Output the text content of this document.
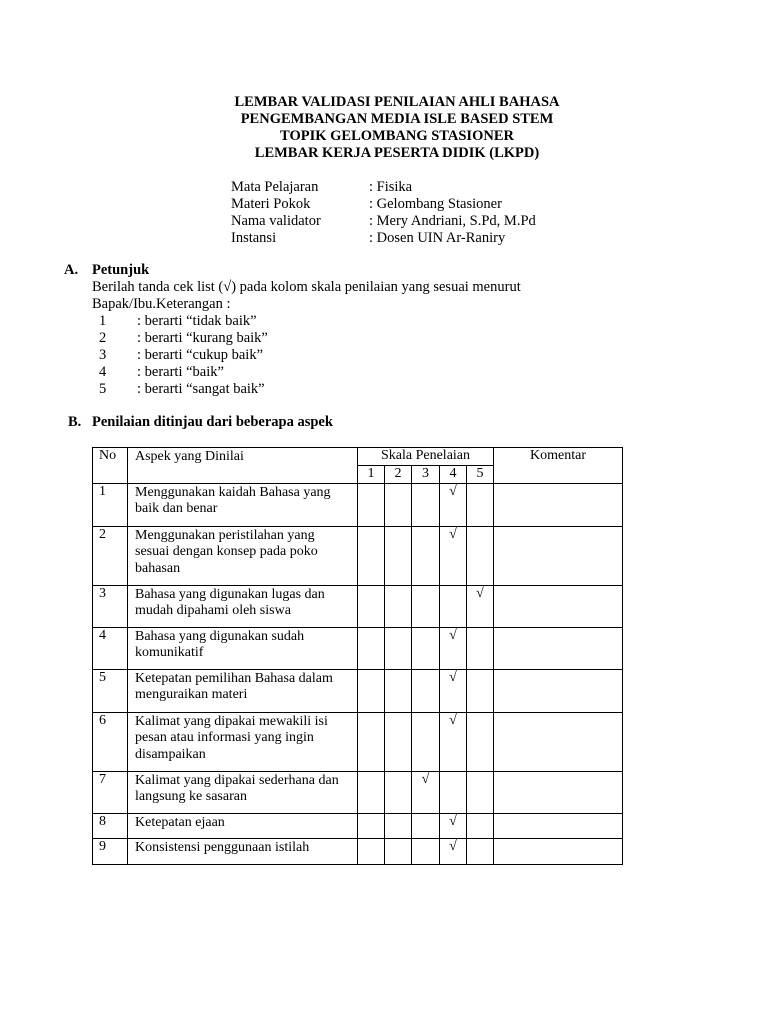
LEMBAR VALIDASI PENILAIAN AHLI BAHASA
PENGEMBANGAN MEDIA ISLE BASED STEM
TOPIK GELOMBANG STASIONER
LEMBAR KERJA PESERTA DIDIK (LKPD)
Mata Pelajaran	: Fisika
Materi Pokok	: Gelombang Stasioner
Nama validator	: Mery Andriani, S.Pd, M.Pd
Instansi	: Dosen UIN Ar-Raniry
A. Petunjuk
Berilah tanda cek list (√) pada kolom skala penilaian yang sesuai menurut
Bapak/Ibu.Keterangan :
1	: berarti “tidak baik”
2	: berarti “kurang baik”
3	: berarti “cukup baik”
4	: berarti “baik”
5	: berarti “sangat baik”
B. Penilaian ditinjau dari beberapa aspek
No	Aspek yang Dinilai	Skala Penelaian					Komentar
		1	2	3	4	5	
1	Menggunakan kaidah Bahasa yang baik dan benar				√		
2	Menggunakan peristilahan yang sesuai dengan konsep pada poko bahasan				√		
3	Bahasa yang digunakan lugas dan mudah dipahami oleh siswa					√	
4	Bahasa yang digunakan sudah komunikatif				√		
5	Ketepatan pemilihan Bahasa dalam menguraikan materi				√		
6	Kalimat yang dipakai mewakili isi pesan atau informasi yang ingin disampaikan				√		
7	Kalimat yang dipakai sederhana dan langsung ke sasaran			√			
8	Ketepatan ejaan				√		
9	Konsistensi penggunaan istilah				√		
